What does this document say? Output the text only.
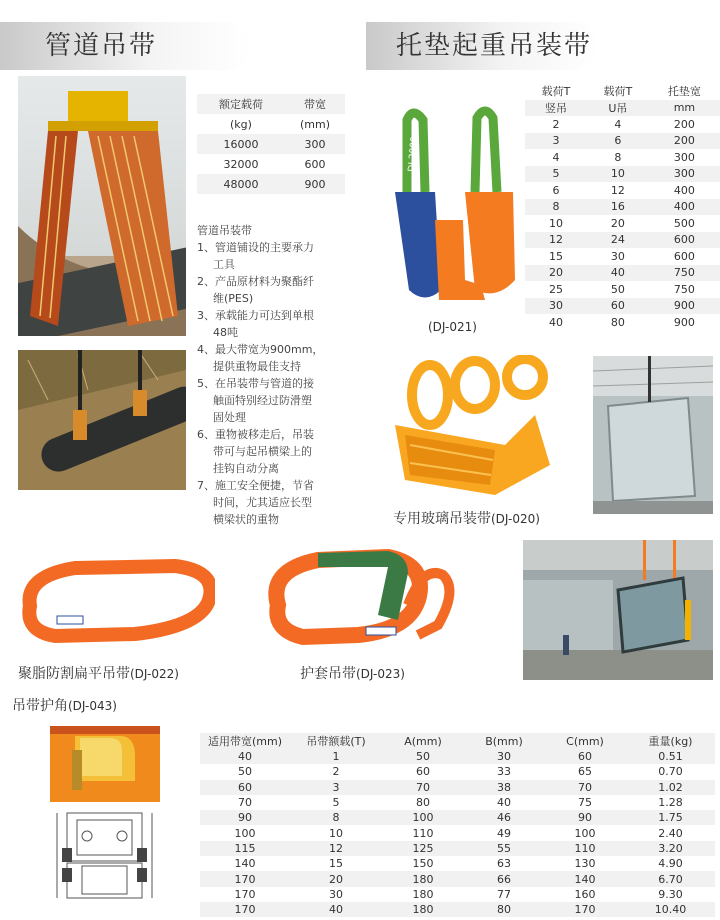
管道吊带	托垫起重吊装带
额定载荷	带宽
(kg)	(mm)
16000	300
32000	600
48000	900
管道吊装带
1、管道铺设的主要承力
工具
2、产品原材料为聚酯纤
维(PES)
3、承载能力可达到单根
48吨
4、最大带宽为900mm，
提供重物最佳支持
5、在吊装带与管道的接
触面特别经过防滑塑
固处理
6、重物被移走后，吊装
带可与起吊横梁上的
挂钩自动分离
7、施工安全便捷，节省
时间，尤其适应长型
横梁状的重物
DJ-2000
(DJ-021)
载荷T	载荷T	托垫宽
竖吊	U吊	mm
2	4	200
3	6	200
4	8	300
5	10	300
6	12	400
8	16	400
10	20	500
12	24	600
15	30	600
20	40	750
25	50	750
30	60	900
40	80	900
专用玻璃吊装带(DJ-020)
聚脂防割扁平吊带(DJ-022)	护套吊带(DJ-023)
吊带护角(DJ-043)
适用带宽(mm)	吊带额载(T)	A(mm)	B(mm)	C(mm)	重量(kg)
40	1	50	30	60	0.51
50	2	60	33	65	0.70
60	3	70	38	70	1.02
70	5	80	40	75	1.28
90	8	100	46	90	1.75
100	10	110	49	100	2.40
115	12	125	55	110	3.20
140	15	150	63	130	4.90
170	20	180	66	140	6.70
170	30	180	77	160	9.30
170	40	180	80	170	10.40
